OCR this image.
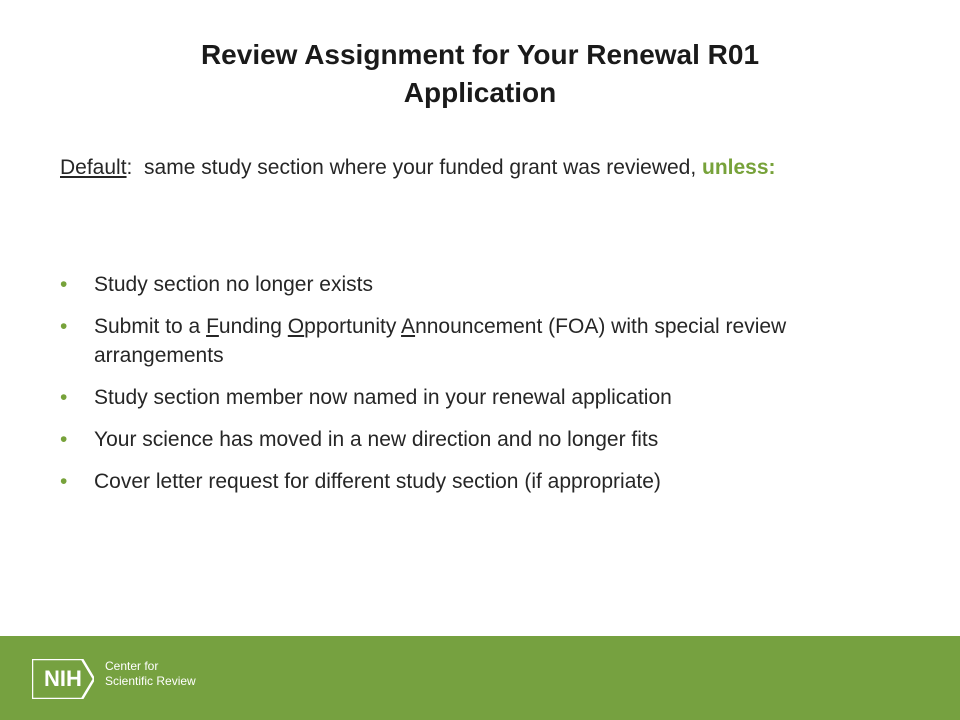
Review Assignment for Your Renewal R01
Application
Default:  same study section where your funded grant was reviewed, unless:
• Study section no longer exists
• Submit to a Funding Opportunity Announcement (FOA) with special review arrangements
• Study section member now named in your renewal application
• Your science has moved in a new direction and no longer fits
• Cover letter request for different study section (if appropriate)
NIH	Center for
Scientific Review
